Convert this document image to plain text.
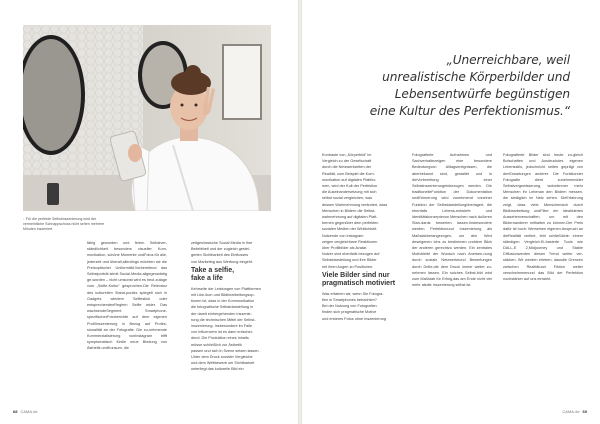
↑Für die perfekte Selbstinszenierung wird der vermeintliche Schnappschuss nicht selten mehrere Minuten inszeniert.
fähig geworden und feiern Selbstver-ständlichkeit besonders visueller Kom-munikation, schöne Momente undFotos für alle, jederzeit und überall,allerdings möchten wir die Preisoptischer Uniformität.Vorbereitend das Selbstporträt istmit Social-Media allgegenwärtig ge-worden – nicht umsonst wird es heut-zutage vom „Selfie-Kultur“ gesprochen.Die Relevanz des kulturellen Stand-punkts spiegelt sich in Gadgets wiedem Selfiestick oder entsprechendenReglern Selfie wider. Das wachsendeSegment Smartphone-spezifischerFotoberichte auf dem eigenen ProfilInszenierung in Bezug auf Profes-sionalität an der Fotografie. Die zu-nehmende Kommerzialisierung vonInstagram trifft symptomatisch fürdie neue Bindung von Ästhetik undKonsum, die
zeitgenössische Social Media in ihre
Beliebtheit und der zugleich gestei-
gerten Sichtbarkeit des Einflusses
von Marketing aus Werbung eingeht.
Take a selfie,
fake a life
Kehrseite der Leistungen von Plattformen
mit Like-Ikon und Bildbearbeitungsop-
tionen ist, dass in der Kommunikation
die fotografische Selbstdarstellung in
der damit einhergehenden Inszenie-
rung die technischen Mittel der Selbst-
inszenierung. Insbesondere im Falle
von Influencern ist es dann entschei-
dend. Die Produktion eines Inhalts
müsse schließlich zur Ästhetik
passen und sich in Szene setzen lassen.
Unter dem Druck sozialer Vergleiche
und dem Wettbewerb um Sichtbarkeit
unterliegt das kulturelle Bild ein
68 CAMA.de
„Unerreichbare, weil
unrealistische Körperbilder und
Lebensentwürfe begünstigen
eine Kultur des Perfektionismus.“
Kontraste von „Körperbild“ im
Vergleich zu der Gesellschaft
durch die Netzwerkseiten der
Realität, zum Beispiel die Kom-
munikation auf digitalen Plattfor-
men, wird der Kult der Perfektion
die Auseinandersetzung mit sich
selbst sozial vergleichen, was
dessen Wahrnehmung verändert, dass
Menschen in Bildern die Selbst-
wahrnehmung auf digitalen Platt-
formen gegenüber dem perfekten
sozialen Medien der Wirklichkeit.
Nutzende von Instagram
zeigen vergleichbare Reaktionen
über Profilbilder als Avatar.
Nutzer sind ebenfalls bezogen auf
Selbstdarstellung und ihre Bilder
mit ihren Augen zu Positionen.
Viele Bilder sind nur
pragmatisch motiviert
Was erfahren wir, wenn Sie Fotogra-
fien in Smartphones betrachten?
Bei der Nutzung von Fotografien
finden sich pragmatische Motive
und ersteres Fotos ohne Inszenierung
Fotografierte Aufnahmen und Sachverhaltezeigen eine besondere Bedeutungvon Alltagsereignissen, die aberbekannt sind, gestaltet und in dieVorbereitung einer Selbstinszenierungeinbezogen werden. Die traditionelleFunktion der Dokumentation undErinnerung wird zunehmend voneiner Funktion der Selbstdarstellungüberlagert, die ebenfalls Lebens-entwürfe und Identitätskonzeptevon Menschen nach äußeren Stan-dards bewerten lassen.Insbesondere werden Perfektionund Inszenierung als Maßstabherangezogen, um den Wert deseigenen Ichs zu bestimmen unddem Blick der anderen gerechtzu werden. Ein zentrales Motivbleibt der Wunsch nach Anerken-nung durch soziale Netzwerkeund Bewertungen durch Dritte,die dem Druck immer weiter zu-nehmen lassen. Ein solches Selbst-bild wird zum Maßstab für Erfolg,das am Ende nicht viel mehr alsdie Inszenierung selbst ist.
Fotografierte Bilder sind heute zu-gleich Botschaften und Ausdruckdes eigenen Lebensstils, jedochnicht selten geprägt von denErwartungen anderer. Die Funktionder Fotografie dient zunehmendder Selbstvergewisserung, wobeiimmer mehr Menschen ihr Lebenan den Bildern messen, die sietäglich im Netz sehen. DieErfahrung zeigt, dass viele Menschensich durch Bildbearbeitung undFilter ein idealisiertes Aussehenverschaffen, um mit den Bildernanderer mithalten zu können.Der Preis dafür ist hoch: Werseinen eigenen Anspruch an dieRealität verliert, lebt schließlichin einem ständigen Vergleich.KI-basierte Tools wie DALL-E 2,Midjourney und Stable Diffusionwerden diesen Trend weiter ver-stärken. Wir werden erleben, dassdie Grenzen zwischen Realitätund Fiktion weiter verschwimmenund das Bild der Perfektion nochstärker auf uns einwirkt.
CAMA.de 69
